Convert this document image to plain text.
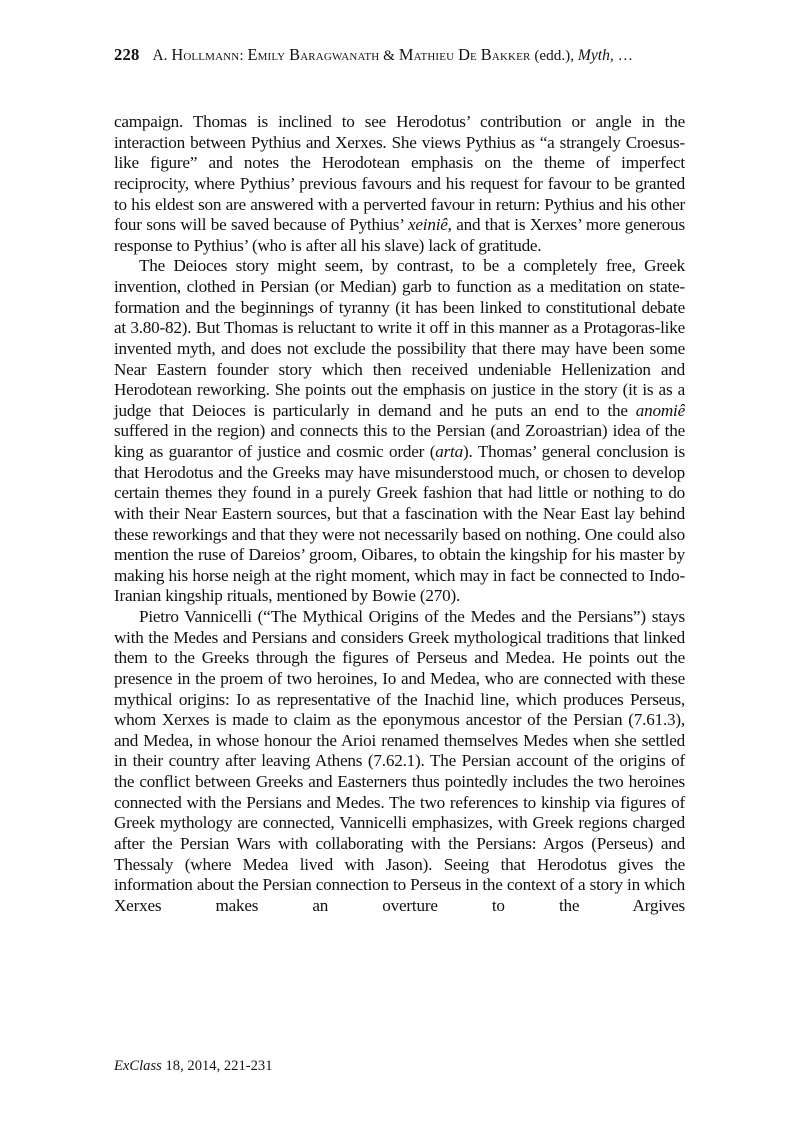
228 A. Hollmann: Emily Baragwanath & Mathieu De Bakker (edd.), Myth, …

campaign. Thomas is inclined to see Herodotus’ contribution or angle in the interaction between Pythius and Xerxes. She views Pythius as “a strangely Croesus-like figure” and notes the Herodotean emphasis on the theme of imperfect reciprocity, where Pythius’ previous favours and his request for favour to be granted to his eldest son are answered with a perverted favour in return: Pythius and his other four sons will be saved because of Pythius’ xeiniê, and that is Xerxes’ more generous response to Pythius’ (who is after all his slave) lack of gratitude.

The Deioces story might seem, by contrast, to be a completely free, Greek invention, clothed in Persian (or Median) garb to function as a meditation on state-formation and the beginnings of tyranny (it has been linked to constitutional debate at 3.80-82). But Thomas is reluctant to write it off in this manner as a Protagoras-like invented myth, and does not exclude the possibility that there may have been some Near Eastern founder story which then received undeniable Hellenization and Herodotean reworking. She points out the emphasis on justice in the story (it is as a judge that Deioces is particularly in demand and he puts an end to the anomiê suffered in the region) and connects this to the Persian (and Zoroastrian) idea of the king as guarantor of justice and cosmic order (arta). Thomas’ general conclusion is that Herodotus and the Greeks may have misunderstood much, or chosen to develop certain themes they found in a purely Greek fashion that had little or nothing to do with their Near Eastern sources, but that a fascination with the Near East lay behind these reworkings and that they were not necessarily based on nothing. One could also mention the ruse of Dareios’ groom, Oibares, to obtain the kingship for his master by making his horse neigh at the right moment, which may in fact be connected to Indo-Iranian kingship rituals, mentioned by Bowie (270).

Pietro Vannicelli (“The Mythical Origins of the Medes and the Persians”) stays with the Medes and Persians and considers Greek mythological traditions that linked them to the Greeks through the figures of Perseus and Medea. He points out the presence in the proem of two heroines, Io and Medea, who are connected with these mythical origins: Io as representative of the Inachid line, which produces Perseus, whom Xerxes is made to claim as the eponymous ancestor of the Persian (7.61.3), and Medea, in whose honour the Arioi renamed themselves Medes when she settled in their country after leaving Athens (7.62.1). The Persian account of the origins of the conflict between Greeks and Easterners thus pointedly includes the two heroines connected with the Persians and Medes. The two references to kinship via figures of Greek mythology are connected, Vannicelli emphasizes, with Greek regions charged after the Persian Wars with collaborating with the Persians: Argos (Perseus) and Thessaly (where Medea lived with Jason). Seeing that Herodotus gives the information about the Persian connection to Perseus in the context of a story in which Xerxes makes an overture to the Argives

ExClass 18, 2014, 221-231
